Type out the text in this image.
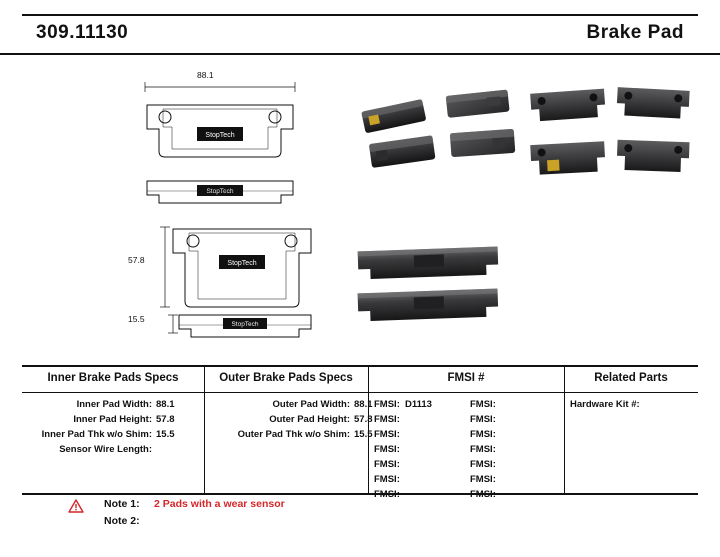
309.11130	Brake Pad
88.1
StopTech
StopTech
57.8	StopTech
15.5
StopTech
Inner Brake Pads Specs	Outer Brake Pads Specs	FMSI #	Related Parts
Inner Pad Width: 88.1
Inner Pad Height: 57.8
Inner Pad Thk w/o Shim: 15.5
Sensor Wire Length:
Outer Pad Width: 88.1
Outer Pad Height: 57.8
Outer Pad Thk w/o Shim: 15.5
FMSI: D1113
FMSI:
FMSI:
FMSI:
FMSI:
FMSI:
FMSI:
FMSI:
FMSI:
FMSI:
FMSI:
FMSI:
FMSI:
FMSI:
Hardware Kit #:
Note 1: 2 Pads with a wear sensor
Note 2:
